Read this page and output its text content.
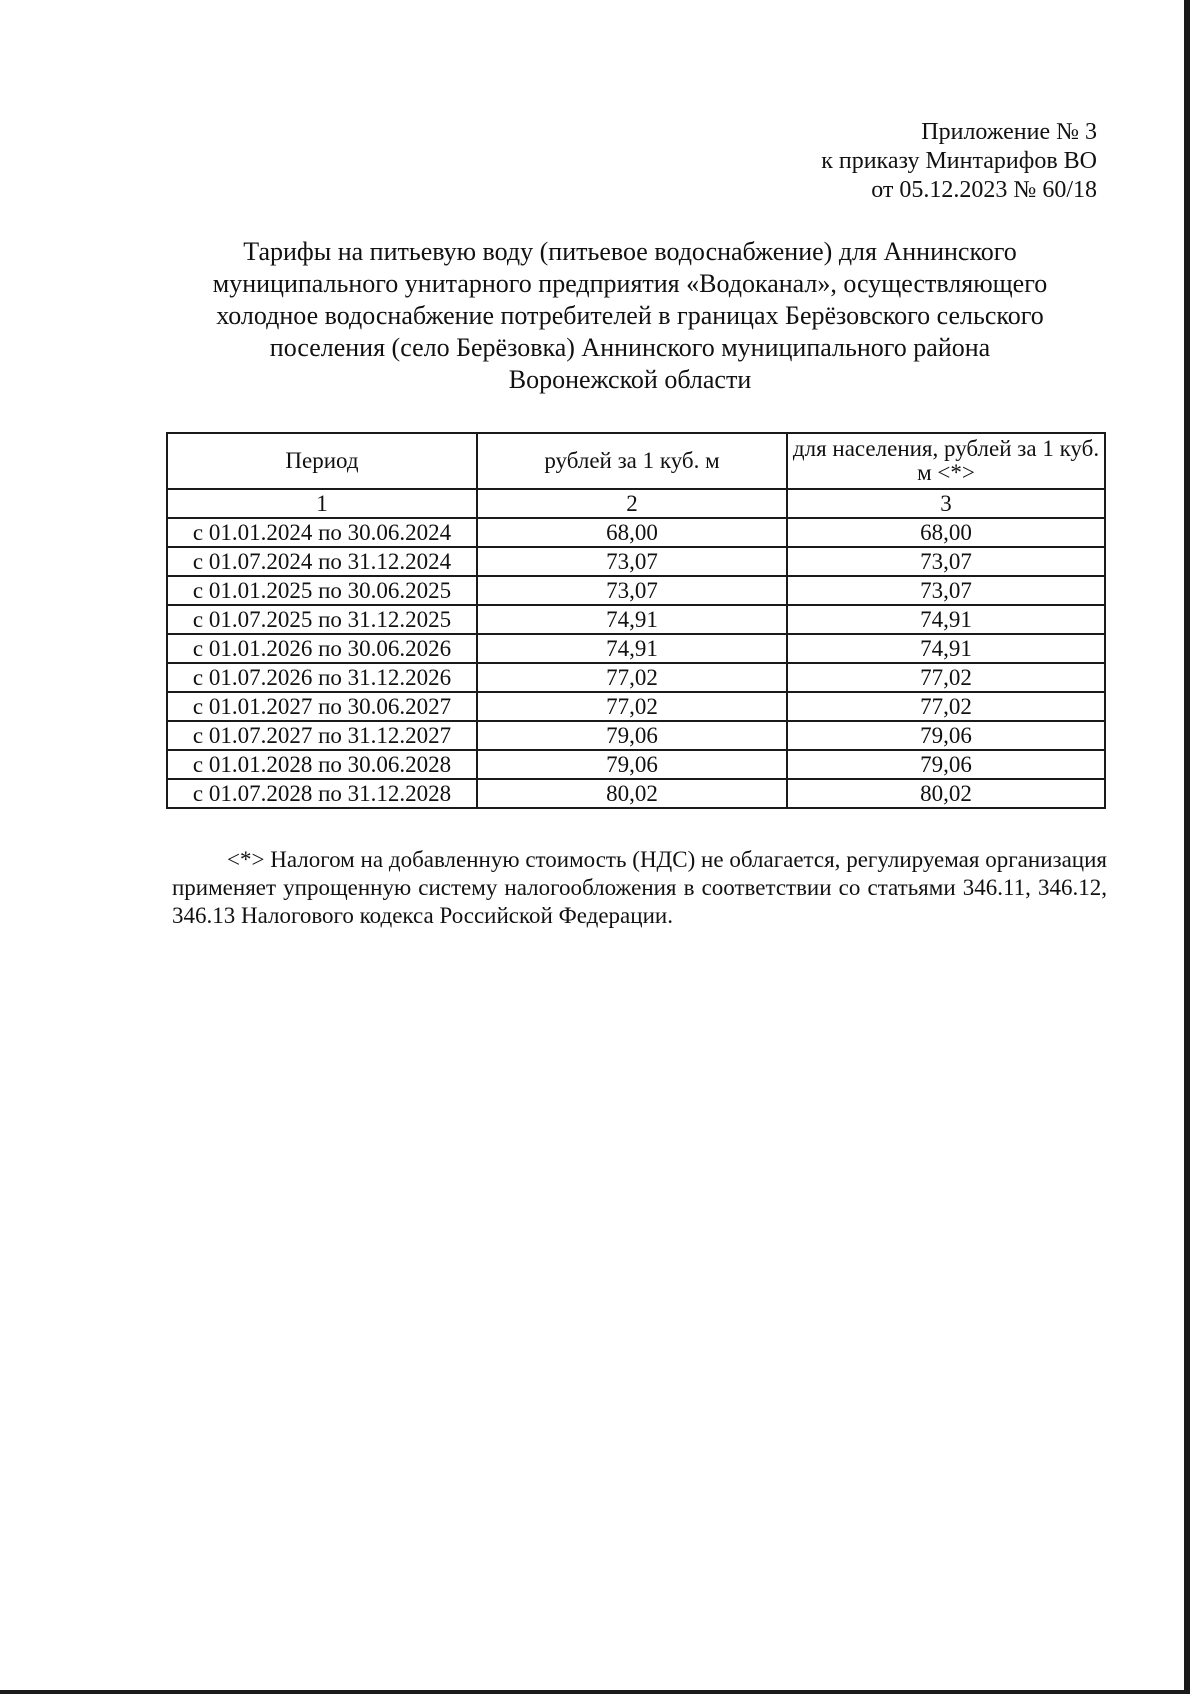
Приложение № 3
к приказу Минтарифов ВО
от 05.12.2023 № 60/18
Тарифы на питьевую воду (питьевое водоснабжение) для Аннинского
муниципального унитарного предприятия «Водоканал», осуществляющего
холодное водоснабжение потребителей в границах Берёзовского сельского
поселения (село Берёзовка) Аннинского муниципального района
Воронежской области
Период	рублей за 1 куб. м	для населения, рублей за 1 куб. м <*>
1	2	3
с 01.01.2024 по 30.06.2024	68,00	68,00
с 01.07.2024 по 31.12.2024	73,07	73,07
с 01.01.2025 по 30.06.2025	73,07	73,07
с 01.07.2025 по 31.12.2025	74,91	74,91
с 01.01.2026 по 30.06.2026	74,91	74,91
с 01.07.2026 по 31.12.2026	77,02	77,02
с 01.01.2027 по 30.06.2027	77,02	77,02
с 01.07.2027 по 31.12.2027	79,06	79,06
с 01.01.2028 по 30.06.2028	79,06	79,06
с 01.07.2028 по 31.12.2028	80,02	80,02
<*> Налогом на добавленную стоимость (НДС) не облагается, регулируемая организация применяет упрощенную систему налогообложения в соответствии со статьями 346.11, 346.12, 346.13 Налогового кодекса Российской Федерации.
